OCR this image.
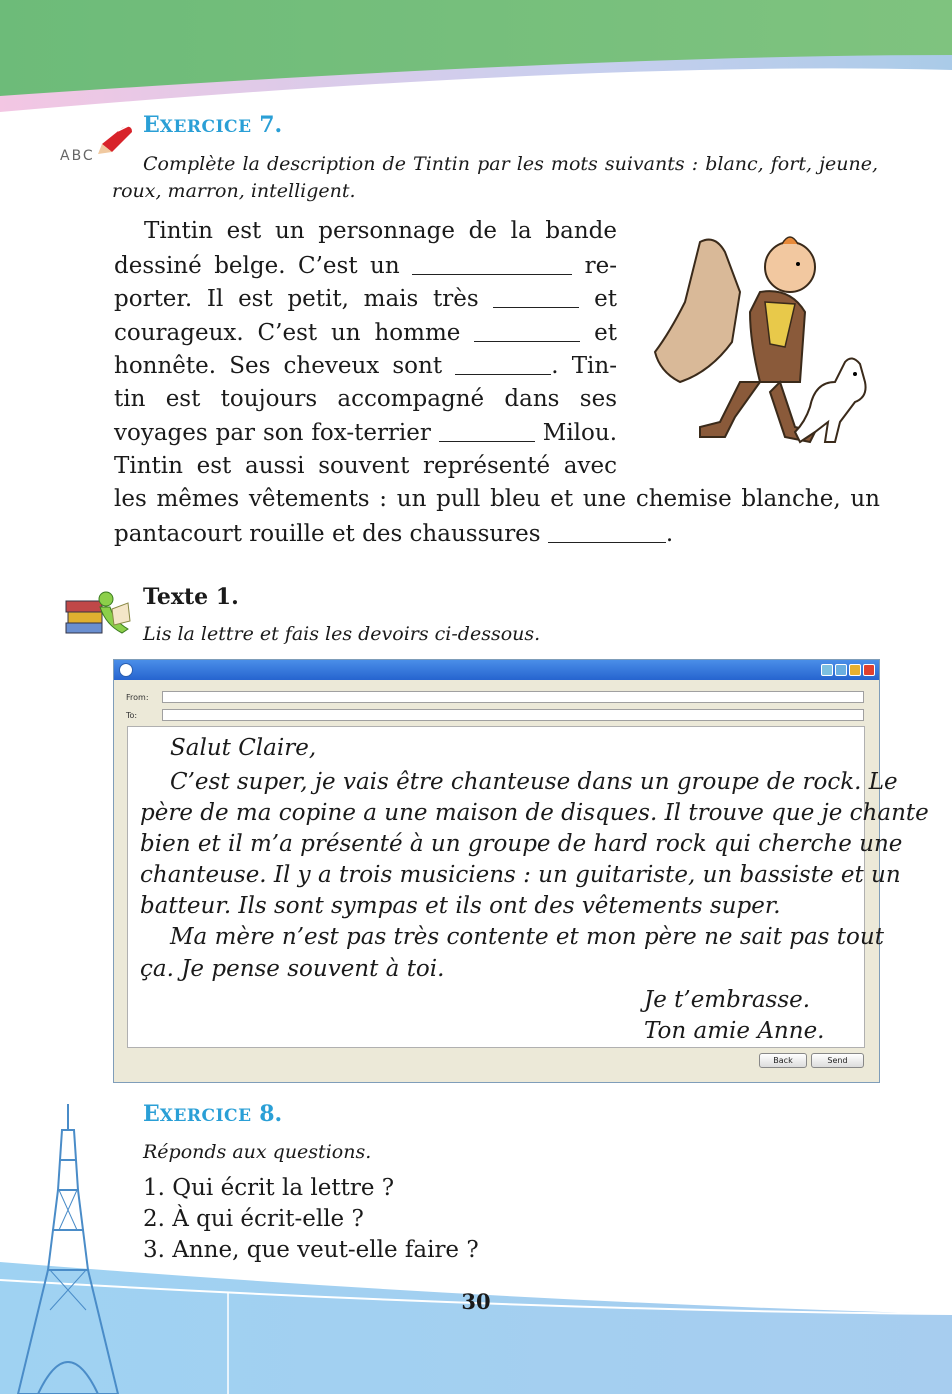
ABC
EXERCICE 7.
Complète la description de Tintin par les mots suivants : blanc, fort, jeune, roux, marron, intelligent.
Tintin est un personnage de la bande
dessiné belge. C’est un	re-
porter. Il est petit, mais très	et
courageux. C’est un homme	et
honnête. Ses cheveux sont	. Tin-
tin est toujours accompagné dans ses
voyages par son fox-terrier	Milou.
Tintin est aussi souvent représenté avec
les mêmes vêtements : un pull bleu et une chemise blanche, un
pantacourt rouille et des chaussures	.
Texte 1.
Lis la lettre et fais les devoirs ci-dessous.
From:
To:
Salut Claire,
C’est super, je vais être chanteuse dans un groupe de rock. Le
père de ma copine a une maison de disques. Il trouve que je chante
bien et il m’a présenté à un groupe de hard rock qui cherche une
chanteuse. Il y a trois musiciens : un guitariste, un bassiste et un
batteur. Ils sont sympas et ils ont des vêtements super.
Ma mère n’est pas très contente et mon père ne sait pas tout
ça. Je pense souvent à toi.
Je t’embrasse.
Ton amie Anne.
Back	Send
EXERCICE 8.
Réponds aux questions.
1. Qui écrit la lettre ?
2. À qui écrit-elle ?
3. Anne, que veut-elle faire ?
30
